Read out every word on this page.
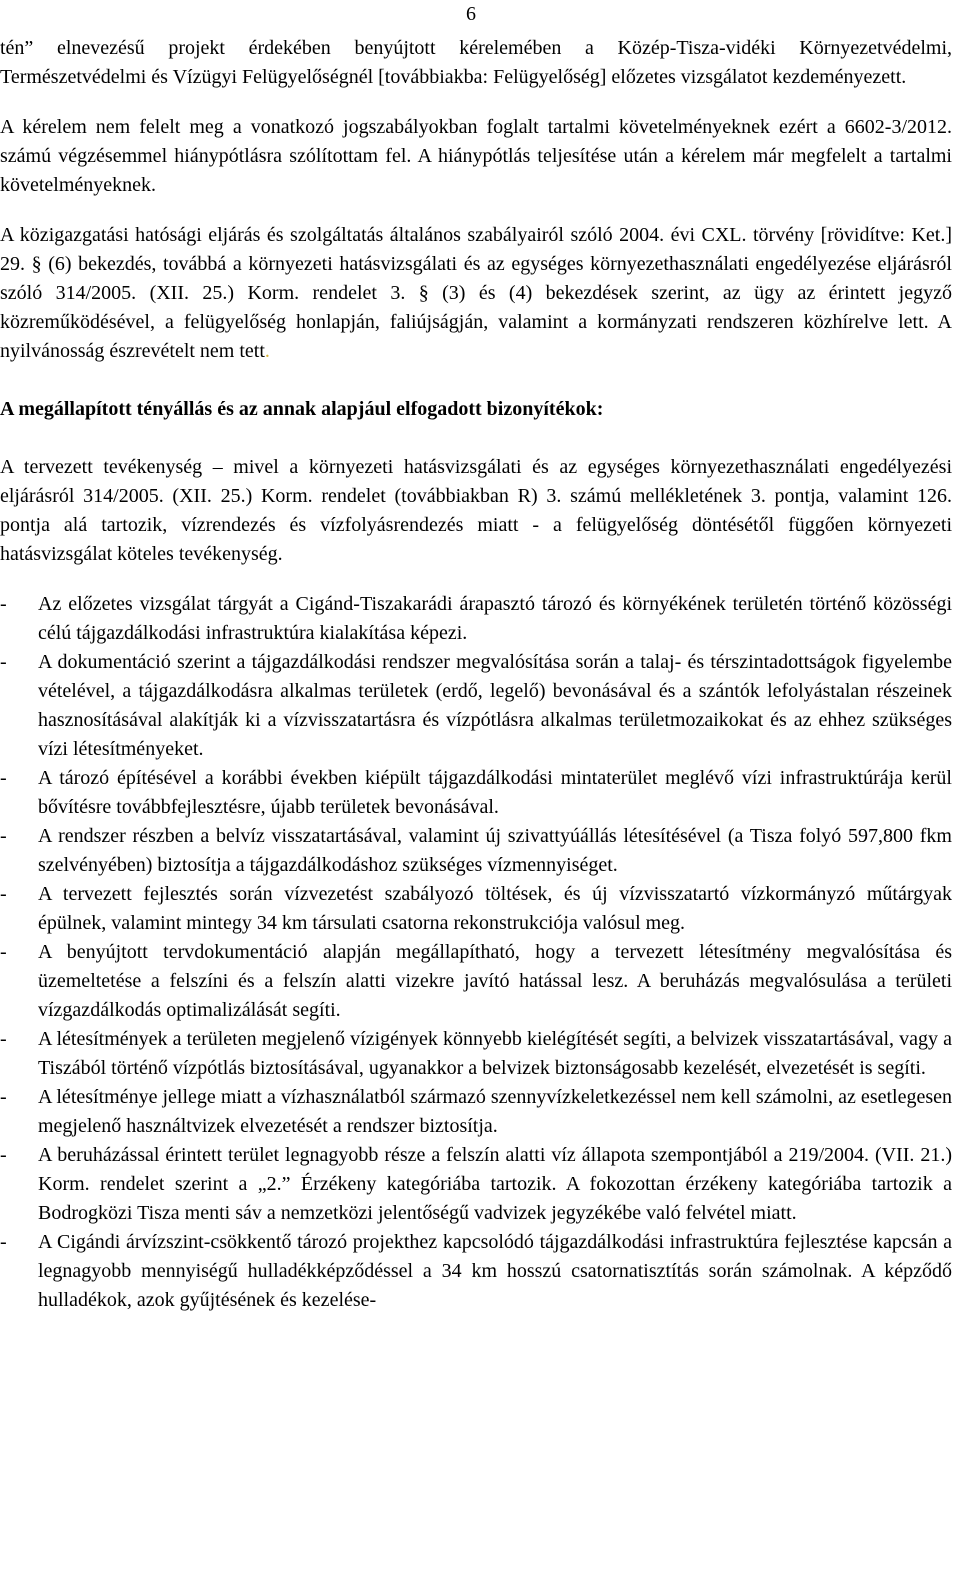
6

tén” elnevezésű projekt érdekében benyújtott kérelemében a Közép-Tisza-vidéki Környezetvédelmi, Természetvédelmi és Vízügyi Felügyelőségnél [továbbiakba: Felügyelőség] előzetes vizsgálatot kezdeményezett.

A kérelem nem felelt meg a vonatkozó jogszabályokban foglalt tartalmi követelményeknek ezért a 6602-3/2012. számú végzésemmel hiánypótlásra szólítottam fel. A hiánypótlás teljesítése után a kérelem már megfelelt a tartalmi követelményeknek.

A közigazgatási hatósági eljárás és szolgáltatás általános szabályairól szóló 2004. évi CXL. törvény [rövidítve: Ket.] 29. § (6) bekezdés, továbbá a környezeti hatásvizsgálati és az egységes környezethasználati engedélyezése eljárásról szóló 314/2005. (XII. 25.) Korm. rendelet 3. § (3) és (4) bekezdések szerint, az ügy az érintett jegyző közreműködésével, a felügyelőség honlapján, faliújságján, valamint a kormányzati rendszeren közhírelve lett. A nyilvánosság észrevételt nem tett.

A megállapított tényállás és az annak alapjául elfogadott bizonyítékok:

A tervezett tevékenység – mivel a környezeti hatásvizsgálati és az egységes környezethasználati engedélyezési eljárásról 314/2005. (XII. 25.) Korm. rendelet (továbbiakban R) 3. számú mellékletének 3. pontja, valamint 126. pontja alá tartozik, vízrendezés és vízfolyásrendezés miatt - a felügyelőség döntésétől függően környezeti hatásvizsgálat köteles tevékenység.

- Az előzetes vizsgálat tárgyát a Cigánd-Tiszakarádi árapasztó tározó és környékének területén történő közösségi célú tájgazdálkodási infrastruktúra kialakítása képezi.
- A dokumentáció szerint a tájgazdálkodási rendszer megvalósítása során a talaj- és térszintadottságok figyelembe vételével, a tájgazdálkodásra alkalmas területek (erdő, legelő) bevonásával és a szántók lefolyástalan részeinek hasznosításával alakítják ki a vízvisszatartásra és vízpótlásra alkalmas területmozaikokat és az ehhez szükséges vízi létesítményeket.
- A tározó építésével a korábbi években kiépült tájgazdálkodási mintaterület meglévő vízi infrastruktúrája kerül bővítésre továbbfejlesztésre, újabb területek bevonásával.
- A rendszer részben a belvíz visszatartásával, valamint új szivattyúállás létesítésével (a Tisza folyó 597,800 fkm szelvényében) biztosítja a tájgazdálkodáshoz szükséges vízmennyiséget.
- A tervezett fejlesztés során vízvezetést szabályozó töltések, és új vízvisszatartó vízkormányzó műtárgyak épülnek, valamint mintegy 34 km társulati csatorna rekonstrukciója valósul meg.
- A benyújtott tervdokumentáció alapján megállapítható, hogy a tervezett létesítmény megvalósítása és üzemeltetése a felszíni és a felszín alatti vizekre javító hatással lesz. A beruházás megvalósulása a területi vízgazdálkodás optimalizálását segíti.
- A létesítmények a területen megjelenő vízigények könnyebb kielégítését segíti, a belvizek visszatartásával, vagy a Tiszából történő vízpótlás biztosításával, ugyanakkor a belvizek biztonságosabb kezelését, elvezetését is segíti.
- A létesítménye jellege miatt a vízhasználatból származó szennyvízkeletkezéssel nem kell számolni, az esetlegesen megjelenő használtvizek elvezetését a rendszer biztosítja.
- A beruházással érintett terület legnagyobb része a felszín alatti víz állapota szempontjából a 219/2004. (VII. 21.) Korm. rendelet szerint a „2.” Érzékeny kategóriába tartozik. A fokozottan érzékeny kategóriába tartozik a Bodrogközi Tisza menti sáv a nemzetközi jelentőségű vadvizek jegyzékébe való felvétel miatt.
- A Cigándi árvízszint-csökkentő tározó projekthez kapcsolódó tájgazdálkodási infrastruktúra fejlesztése kapcsán a legnagyobb mennyiségű hulladékképződéssel a 34 km hosszú csatornatisztítás során számolnak. A képződő hulladékok, azok gyűjtésének és kezelése-
